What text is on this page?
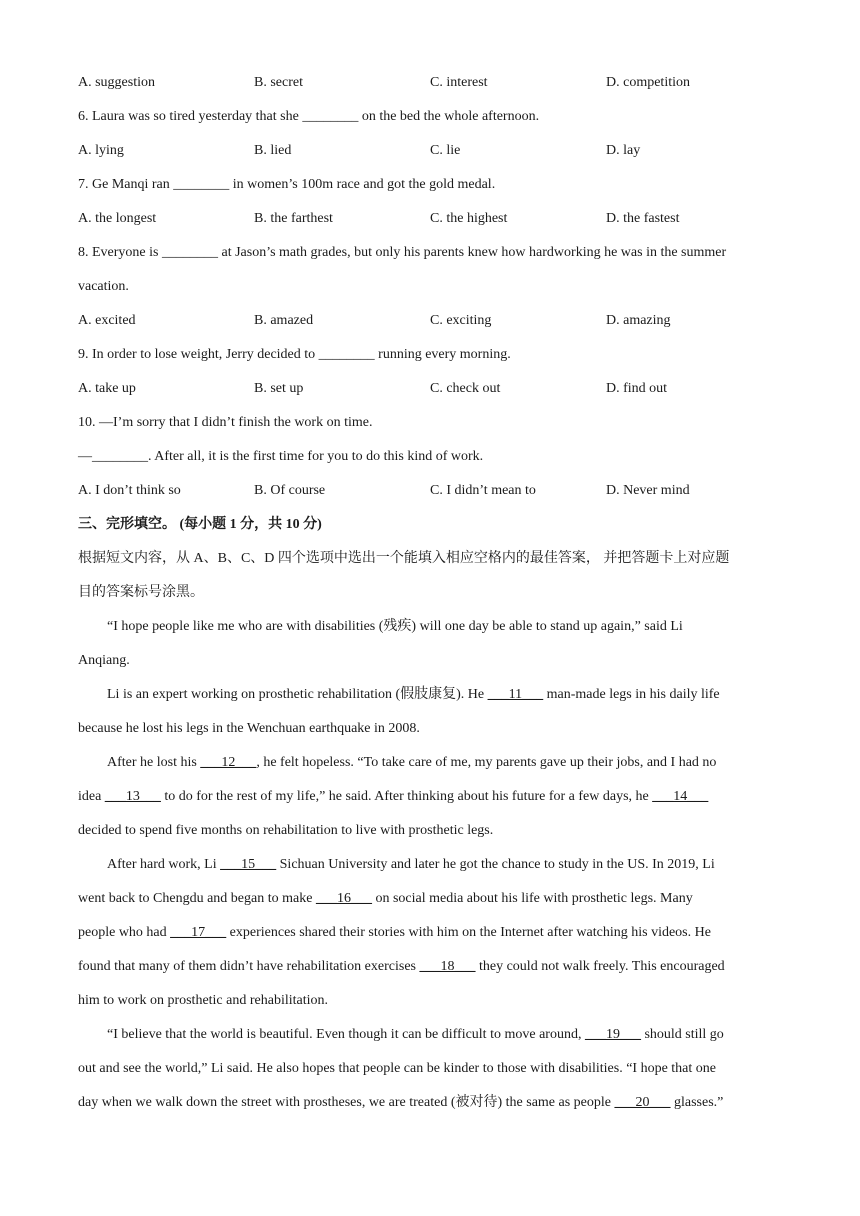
A. suggestion	B. secret	C. interest	D. competition
6. Laura was so tired yesterday that she ________ on the bed the whole afternoon.
A. lying	B. lied	C. lie	D. lay
7. Ge Manqi ran ________ in women’s 100m race and got the gold medal.
A. the longest	B. the farthest	C. the highest	D. the fastest
8. Everyone is ________ at Jason’s math grades, but only his parents knew how hardworking he was in the summer
vacation.
A. excited	B. amazed	C. exciting	D. amazing
9. In order to lose weight, Jerry decided to ________ running every morning.
A. take up	B. set up	C. check out	D. find out
10. —I’m sorry that I didn’t finish the work on time.
—________. After all, it is the first time for you to do this kind of work.
A. I don’t think so	B. Of course	C. I didn’t mean to	D. Never mind
三、完形填空。 (每小题 1 分，共 10 分)
根据短文内容，从 A、B、C、D 四个选项中选出一个能填入相应空格内的最佳答案， 并把答题卡上对应题
目的答案标号涂黑。
“I hope people like me who are with disabilities (残疾) will one day be able to stand up again,” said Li
Anqiang.
Li is an expert working on prosthetic rehabilitation (假肢康复). He ___11___ man-made legs in his daily life
because he lost his legs in the Wenchuan earthquake in 2008.
After he lost his ___12___, he felt hopeless. “To take care of me, my parents gave up their jobs, and I had no
idea ___13___ to do for the rest of my life,” he said. After thinking about his future for a few days, he ___14___
decided to spend five months on rehabilitation to live with prosthetic legs.
After hard work, Li ___15___ Sichuan University and later he got the chance to study in the US. In 2019, Li
went back to Chengdu and began to make ___16___ on social media about his life with prosthetic legs. Many
people who had ___17___ experiences shared their stories with him on the Internet after watching his videos. He
found that many of them didn’t have rehabilitation exercises ___18___ they could not walk freely. This encouraged
him to work on prosthetic and rehabilitation.
“I believe that the world is beautiful. Even though it can be difficult to move around, ___19___ should still go
out and see the world,” Li said. He also hopes that people can be kinder to those with disabilities. “I hope that one
day when we walk down the street with prostheses, we are treated (被对待) the same as people ___20___ glasses.”
